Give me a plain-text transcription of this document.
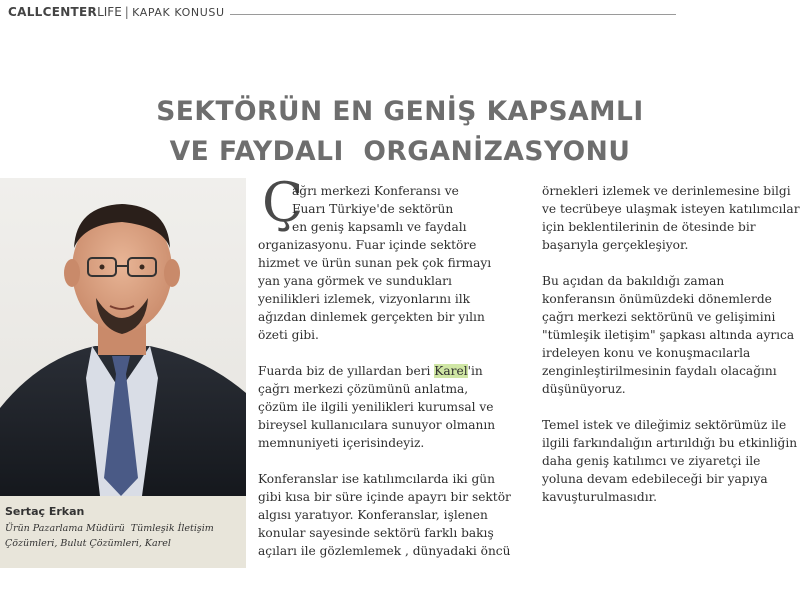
CALLCENTERLIFE | KAPAK KONUSU
SEKTÖRÜN EN GENİŞ KAPSAMLI
VE FAYDALI  ORGANİZASYONU
Sertaç Erkan
Ürün Pazarlama Müdürü  Tümleşik İletişim
Çözümleri, Bulut Çözümleri, Karel
Ç

ağrı merkezi Konferansı ve
Fuarı Türkiye'de sektörün
en geniş kapsamlı ve faydalı
organizasyonu. Fuar içinde sektöre
hizmet ve ürün sunan pek çok firmayı
yan yana görmek ve sundukları
yenilikleri izlemek, vizyonlarını ilk
ağızdan dinlemek gerçekten bir yılın
özeti gibi.

Fuarda biz de yıllardan beri Karel'in
çağrı merkezi çözümünü anlatma,
çözüm ile ilgili yenilikleri kurumsal ve
bireysel kullanıcılara sunuyor olmanın
memnuniyeti içerisindeyiz.

Konferanslar ise katılımcılarda iki gün
gibi kısa bir süre içinde apayrı bir sektör
algısı yaratıyor. Konferanslar, işlenen
konular sayesinde sektörü farklı bakış
açıları ile gözlemlemek , dünyadaki öncü

örnekleri izlemek ve derinlemesine bilgi
ve tecrübeye ulaşmak isteyen katılımcılar
için beklentilerinin de ötesinde bir
başarıyla gerçekleşiyor.

Bu açıdan da bakıldığı zaman
konferansın önümüzdeki dönemlerde
çağrı merkezi sektörünü ve gelişimini
"tümleşik iletişim" şapkası altında ayrıca
irdeleyen konu ve konuşmacılarla
zenginleştirilmesinin faydalı olacağını
düşünüyoruz.

Temel istek ve dileğimiz sektörümüz ile
ilgili farkındalığın artırıldığı bu etkinliğin
daha geniş katılımcı ve ziyaretçi ile
yoluna devam edebileceği bir yapıya
kavuşturulmasıdır.
